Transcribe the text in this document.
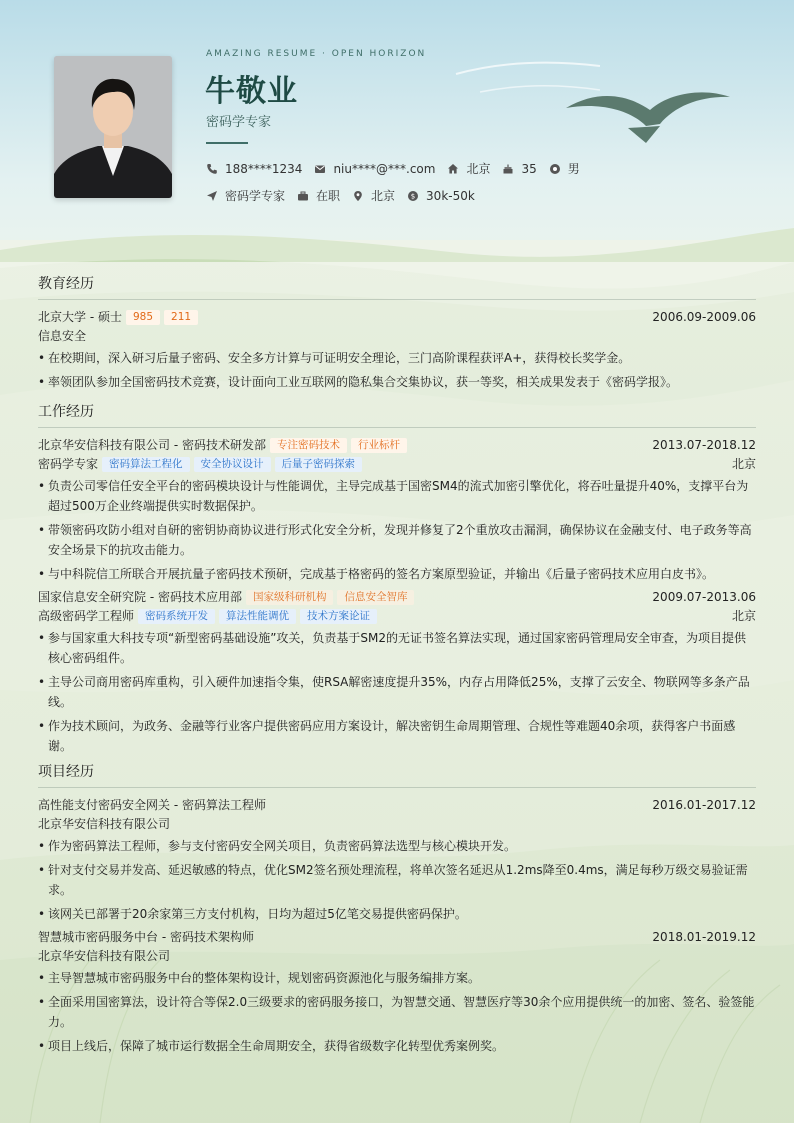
AMAZING RESUME · OPEN HORIZON
牛敬业
密码学专家
188****1234	niu****@***.com	北京	35	男
密码学专家	在职	北京 $ 30k-50k
教育经历
北京大学 - 硕士	985	211	2006.09-2009.06
信息安全
• 在校期间，深入研习后量子密码、安全多方计算与可证明安全理论，三门高阶课程获评A+，获得校长奖学金。
• 率领团队参加全国密码技术竞赛，设计面向工业互联网的隐私集合交集协议，获一等奖，相关成果发表于《密码学报》。
工作经历
北京华安信科技有限公司 - 密码技术研发部	专注密码技术	行业标杆	2013.07-2018.12
密码学专家	密码算法工程化	安全协议设计	后量子密码探索	北京
• 负责公司零信任安全平台的密码模块设计与性能调优，主导完成基于国密SM4的流式加密引擎优化，将吞吐量提升40%，支撑平台为超过500万企业终端提供实时数据保护。
• 带领密码攻防小组对自研的密钥协商协议进行形式化安全分析，发现并修复了2个重放攻击漏洞，确保协议在金融支付、电子政务等高安全场景下的抗攻击能力。
• 与中科院信工所联合开展抗量子密码技术预研，完成基于格密码的签名方案原型验证，并输出《后量子密码技术应用白皮书》。
国家信息安全研究院 - 密码技术应用部	国家级科研机构	信息安全智库	2009.07-2013.06
高级密码学工程师	密码系统开发	算法性能调优	技术方案论证	北京
• 参与国家重大科技专项“新型密码基础设施”攻关，负责基于SM2的无证书签名算法实现，通过国家密码管理局安全审查，为项目提供核心密码组件。
• 主导公司商用密码库重构，引入硬件加速指令集，使RSA解密速度提升35%，内存占用降低25%，支撑了云安全、物联网等多条产品线。
• 作为技术顾问，为政务、金融等行业客户提供密码应用方案设计，解决密钥生命周期管理、合规性等难题40余项，获得客户书面感谢。
项目经历
高性能支付密码安全网关 - 密码算法工程师	2016.01-2017.12
北京华安信科技有限公司
• 作为密码算法工程师，参与支付密码安全网关项目，负责密码算法选型与核心模块开发。
• 针对支付交易并发高、延迟敏感的特点，优化SM2签名预处理流程，将单次签名延迟从1.2ms降至0.4ms，满足每秒万级交易验证需求。
• 该网关已部署于20余家第三方支付机构，日均为超过5亿笔交易提供密码保护。
智慧城市密码服务中台 - 密码技术架构师	2018.01-2019.12
北京华安信科技有限公司
• 主导智慧城市密码服务中台的整体架构设计，规划密码资源池化与服务编排方案。
• 全面采用国密算法，设计符合等保2.0三级要求的密码服务接口，为智慧交通、智慧医疗等30余个应用提供统一的加密、签名、验签能力。
• 项目上线后，保障了城市运行数据全生命周期安全，获得省级数字化转型优秀案例奖。
